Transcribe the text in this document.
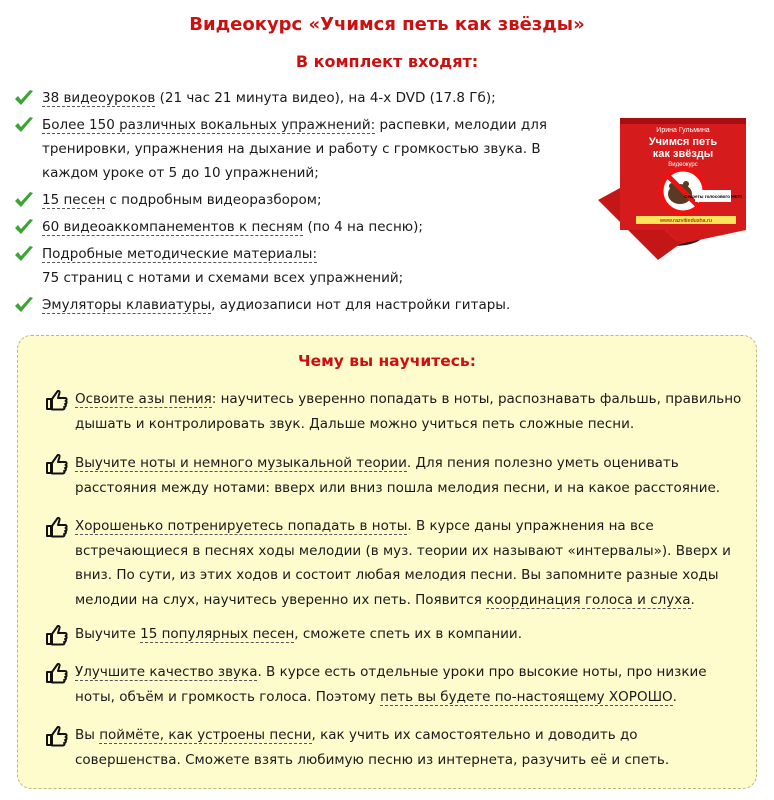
Видеокурс «Учимся петь как звёзды»
В комплект входят:
38 видеоуроков (21 час 21 минута видео), на 4-х DVD (17.8 Гб);
Более 150 различных вокальных упражнений: распевки, мелодии для тренировки, упражнения на дыхание и работу с громкостью звука. В каждом уроке от 5 до 10 упражнений;
15 песен с подробным видеоразбором;
60 видеоаккомпанементов к песням (по 4 на песню);
Подробные методические материалы:
75 страниц с нотами и схемами всех упражнений;
Эмуляторы клавиатуры, аудиозаписи нот для настройки гитары.
Ирина Гульмина
Учимся петь
как звёзды
Видеокурс
Секреты голосового НЕТ!
www.razvitiedusha.ru
Чему вы научитесь:
Освоите азы пения: научитесь уверенно попадать в ноты, распознавать фальшь, правильно дышать и контролировать звук. Дальше можно учиться петь сложные песни.
Выучите ноты и немного музыкальной теории. Для пения полезно уметь оценивать расстояния между нотами: вверх или вниз пошла мелодия песни, и на какое расстояние.
Хорошенько потренируетесь попадать в ноты. В курсе даны упражнения на все встречающиеся в песнях ходы мелодии (в муз. теории их называют «интервалы»). Вверх и вниз. По сути, из этих ходов и состоит любая мелодия песни. Вы запомните разные ходы мелодии на слух, научитесь уверенно их петь. Появится координация голоса и слуха.
Выучите 15 популярных песен, сможете спеть их в компании.
Улучшите качество звука. В курсе есть отдельные уроки про высокие ноты, про низкие ноты, объём и громкость голоса. Поэтому петь вы будете по-настоящему ХОРОШО.
Вы поймёте, как устроены песни, как учить их самостоятельно и доводить до совершенства. Сможете взять любимую песню из интернета, разучить её и спеть.
